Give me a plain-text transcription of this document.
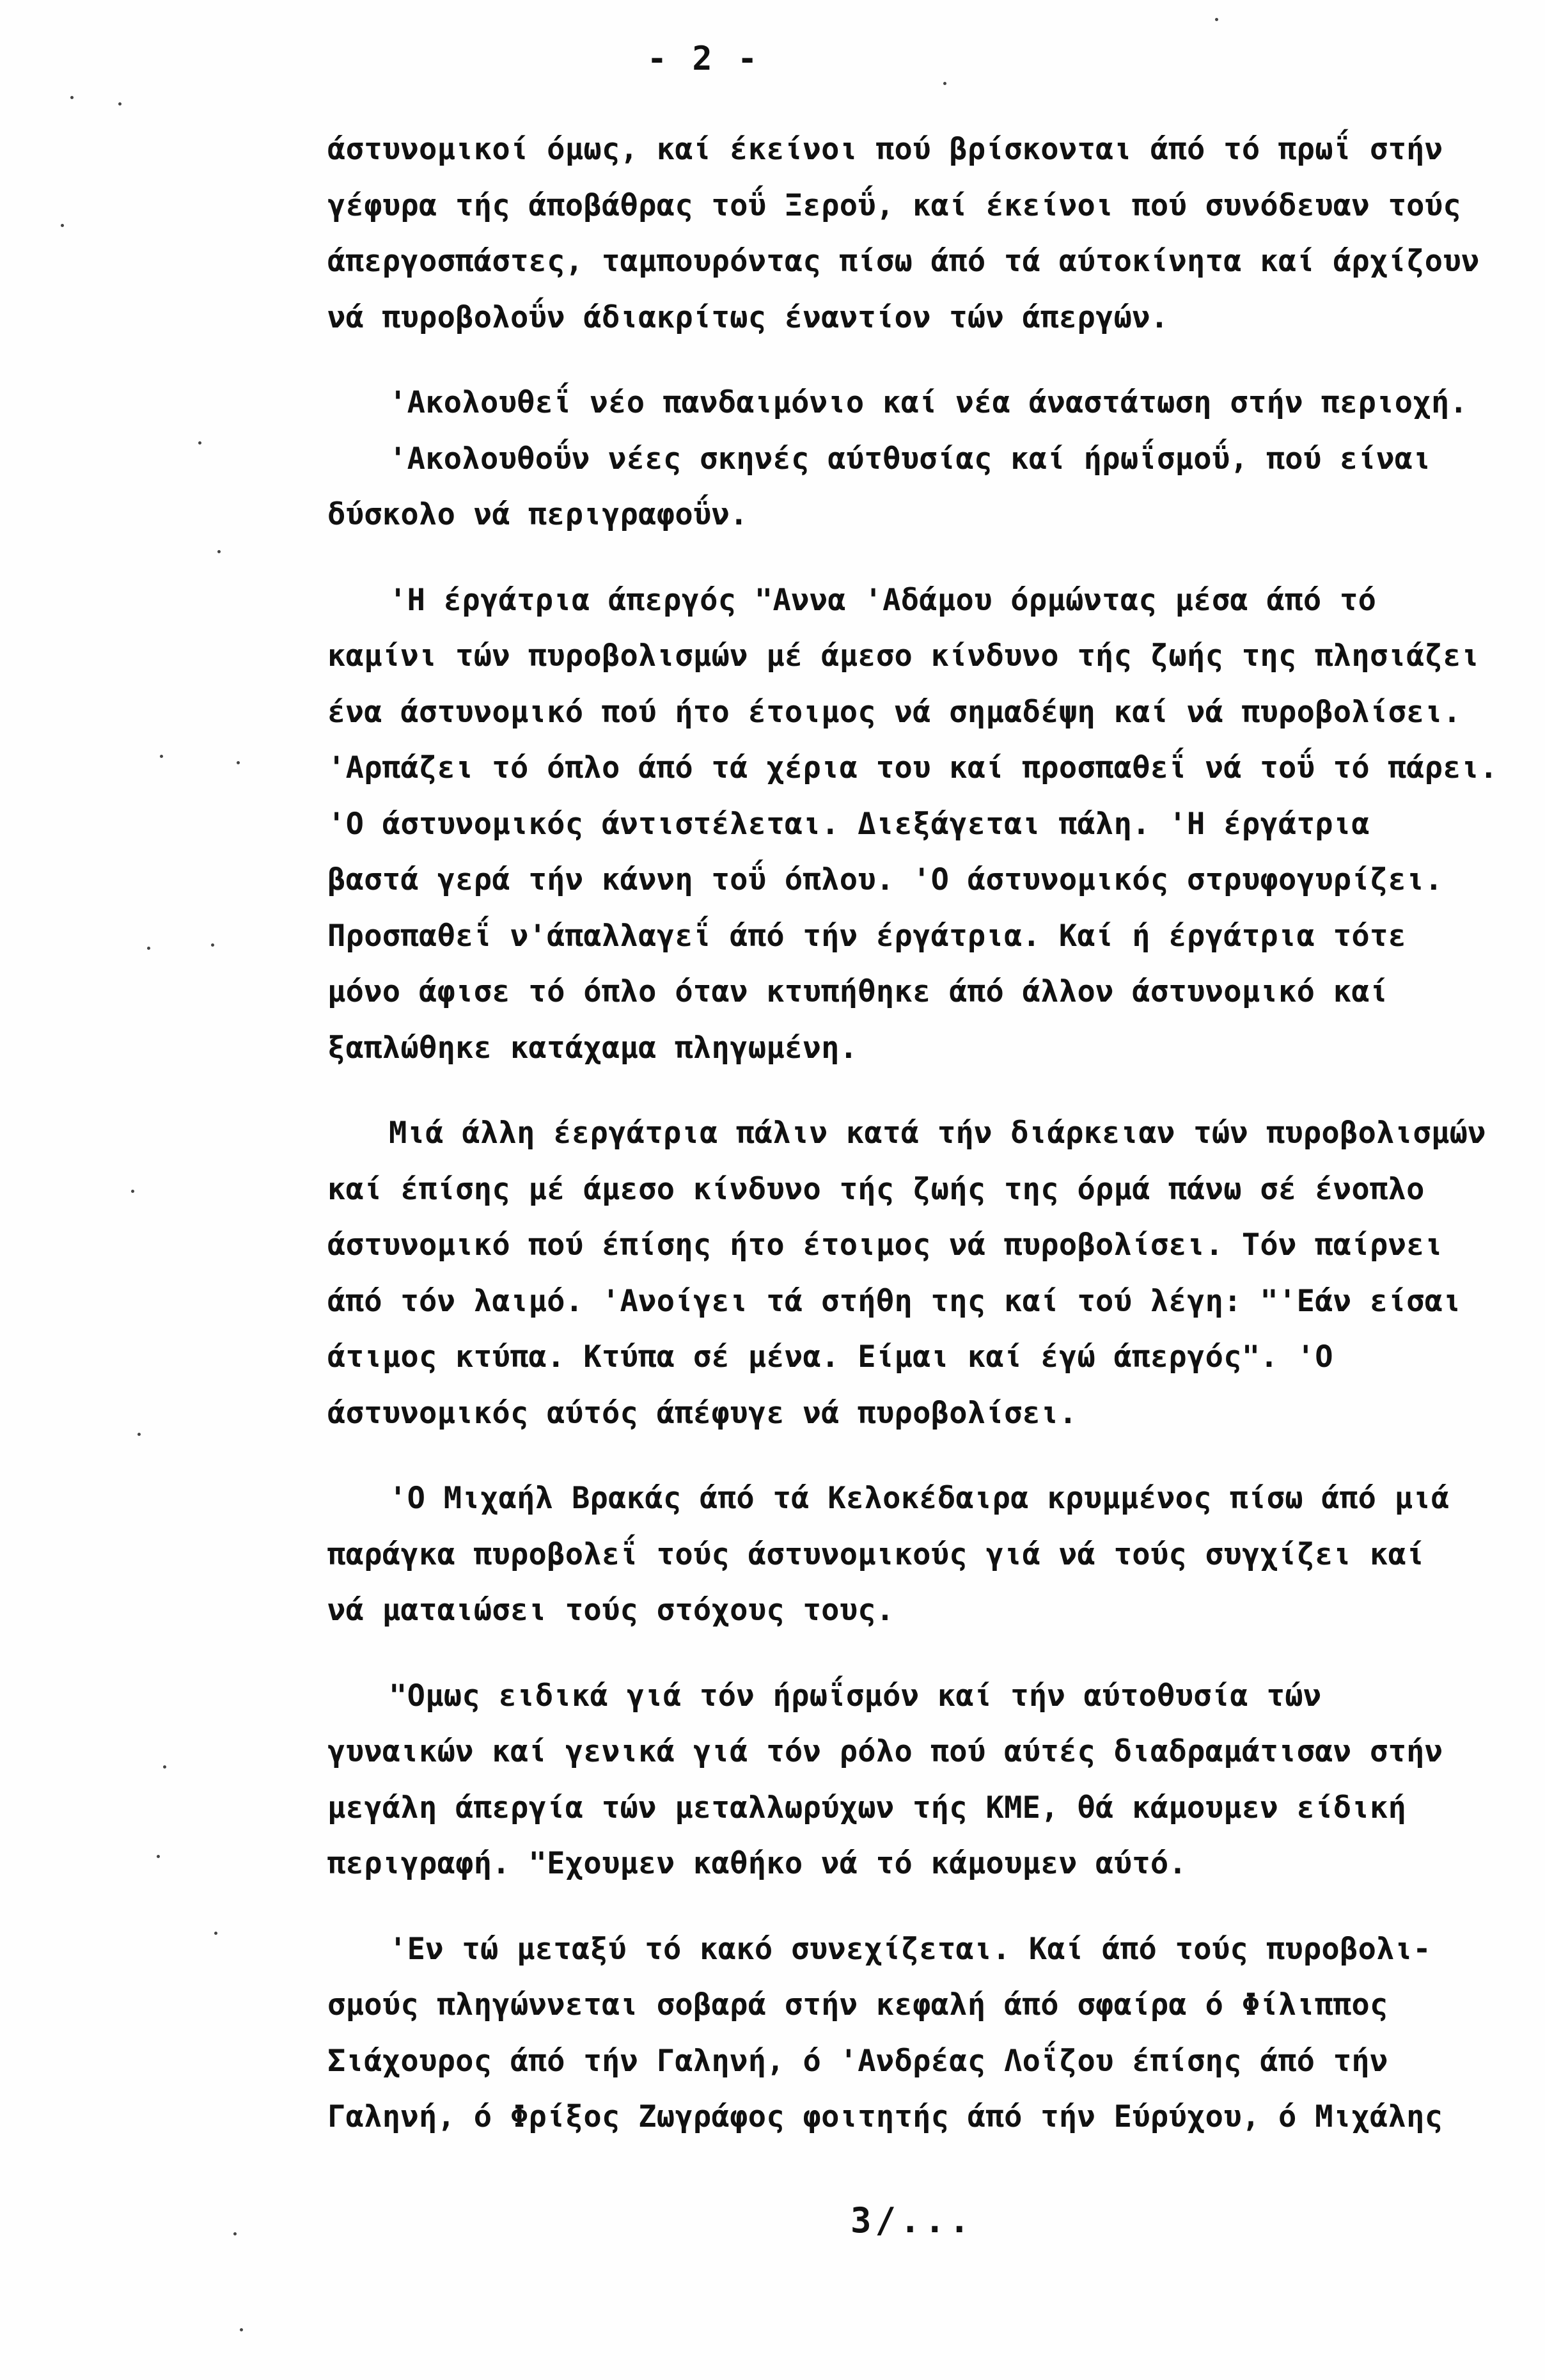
- 2 -
άστυνομικοί όμως, καί έκείνοι πού βρίσκονται άπό τό πρωΐ στήν
γέφυρα τής άποβάθρας τοΰ Ξεροΰ, καί έκείνοι πού συνόδευαν τούς
άπεργοσπάστες, ταμπουρόντας πίσω άπό τά αύτοκίνητα καί άρχίζουν
νά πυροβολοΰν άδιακρίτως έναντίον τών άπεργών.
'Ακολουθεΐ νέο πανδαιμόνιο καί νέα άναστάτωση στήν περιοχή.
'Ακολουθοΰν νέες σκηνές αύτθυσίας καί ήρωΐσμοΰ, πού είναι
δύσκολο νά περιγραφοΰν.
'Η έργάτρια άπεργός "Αννα 'Αδάμου όρμώντας μέσα άπό τό
καμίνι τών πυροβολισμών μέ άμεσο κίνδυνο τής ζωής της πλησιάζει
ένα άστυνομικό πού ήτο έτοιμος νά σημαδέψη καί νά πυροβολίσει.
'Αρπάζει τό όπλο άπό τά χέρια του καί προσπαθεΐ νά τοΰ τό πάρει.
'Ο άστυνομικός άντιστέλεται. Διεξάγεται πάλη. 'Η έργάτρια
βαστά γερά τήν κάννη τοΰ όπλου. 'Ο άστυνομικός στρυφογυρίζει.
Προσπαθεΐ ν'άπαλλαγεΐ άπό τήν έργάτρια. Καί ή έργάτρια τότε
μόνο άφισε τό όπλο όταν κτυπήθηκε άπό άλλον άστυνομικό καί
ξαπλώθηκε κατάχαμα πληγωμένη.
Μιά άλλη έεργάτρια πάλιν κατά τήν διάρκειαν τών πυροβολισμών
καί έπίσης μέ άμεσο κίνδυνο τής ζωής της όρμά πάνω σέ ένοπλο
άστυνομικό πού έπίσης ήτο έτοιμος νά πυροβολίσει. Τόν παίρνει
άπό τόν λαιμό. 'Ανοίγει τά στήθη της καί τού λέγη: "'Εάν είσαι
άτιμος κτύπα. Κτύπα σέ μένα. Είμαι καί έγώ άπεργός". 'Ο
άστυνομικός αύτός άπέφυγε νά πυροβολίσει.
'Ο Μιχαήλ Βρακάς άπό τά Κελοκέδαιρα κρυμμένος πίσω άπό μιά
παράγκα πυροβολεΐ τούς άστυνομικούς γιά νά τούς συγχίζει καί
νά ματαιώσει τούς στόχους τους.
"Ομως ειδικά γιά τόν ήρωΐσμόν καί τήν αύτοθυσία τών
γυναικών καί γενικά γιά τόν ρόλο πού αύτές διαδραμάτισαν στήν
μεγάλη άπεργία τών μεταλλωρύχων τής ΚΜΕ, θά κάμουμεν είδική
περιγραφή. "Εχουμεν καθήκο νά τό κάμουμεν αύτό.
'Εν τώ μεταξύ τό κακό συνεχίζεται. Καί άπό τούς πυροβολι-
σμούς πληγώννεται σοβαρά στήν κεφαλή άπό σφαίρα ό Φίλιππος
Σιάχουρος άπό τήν Γαληνή, ό 'Ανδρέας Λοΐζου έπίσης άπό τήν
Γαληνή, ό Φρίξος Ζωγράφος φοιτητής άπό τήν Εύρύχου, ό Μιχάλης
3/...
